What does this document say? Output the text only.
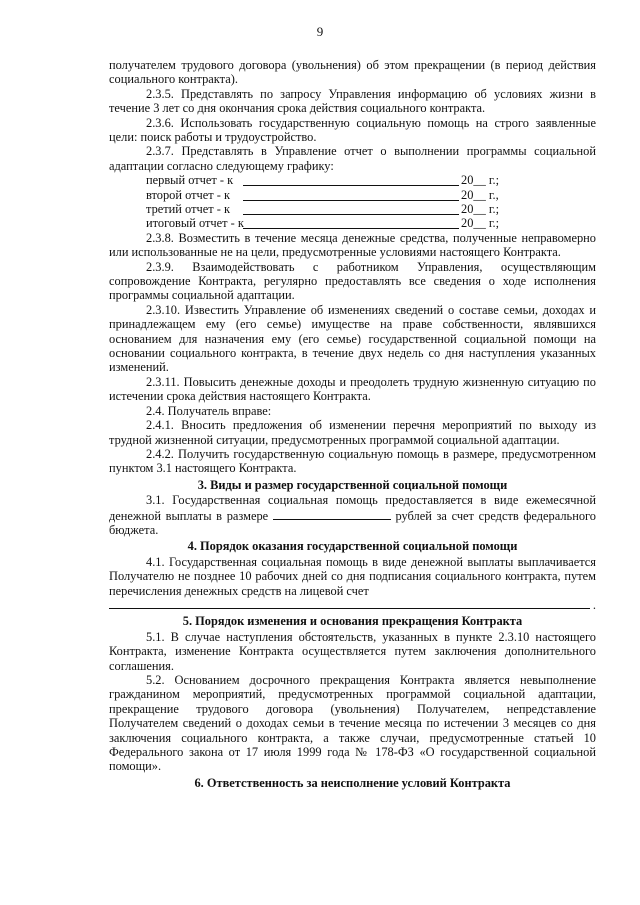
9

получателем трудового договора (увольнения) об этом прекращении (в период действия социального контракта).

2.3.5. Представлять по запросу Управления информацию об условиях жизни в течение 3 лет со дня окончания срока действия социального контракта.

2.3.6. Использовать государственную социальную помощь на строго заявленные цели: поиск работы и трудоустройство.

2.3.7. Представлять в Управление отчет о выполнении программы социальной адаптации согласно следующему графику:

первый отчет - к	20__ г.;
второй отчет - к	20__ г.,
третий отчет - к	20__ г.;
итоговый отчет - к	20__ г.;

2.3.8. Возместить в течение месяца денежные средства, полученные неправомерно или использованные не на цели, предусмотренные условиями настоящего Контракта.

2.3.9. Взаимодействовать с работником Управления, осуществляющим сопровождение Контракта, регулярно предоставлять все сведения о ходе исполнения программы социальной адаптации.

2.3.10. Известить Управление об изменениях сведений о составе семьи, доходах и принадлежащем ему (его семье) имуществе на праве собственности, являвшихся основанием для назначения ему (его семье) государственной социальной помощи на основании социального контракта, в течение двух недель со дня наступления указанных изменений.

2.3.11. Повысить денежные доходы и преодолеть трудную жизненную ситуацию по истечении срока действия настоящего Контракта.

2.4. Получатель вправе:

2.4.1. Вносить предложения об изменении перечня мероприятий по выходу из трудной жизненной ситуации, предусмотренных программой социальной адаптации.

2.4.2. Получить государственную социальную помощь в размере, предусмотренном пунктом 3.1 настоящего Контракта.

3. Виды и размер государственной социальной помощи

3.1. Государственная социальная помощь предоставляется в виде ежемесячной денежной выплаты в размере	рублей за счет средств федерального бюджета.

4. Порядок оказания государственной социальной помощи

4.1. Государственная социальная помощь в виде денежной выплаты выплачивается Получателю не позднее 10 рабочих дней со дня подписания социального контракта, путем перечисления денежных средств на лицевой счет

.
5. Порядок изменения и основания прекращения Контракта

5.1. В случае наступления обстоятельств, указанных в пункте 2.3.10 настоящего Контракта, изменение Контракта осуществляется путем заключения дополнительного соглашения.

5.2. Основанием досрочного прекращения Контракта является невыполнение гражданином мероприятий, предусмотренных программой социальной адаптации, прекращение трудового договора (увольнения) Получателем, непредставление Получателем сведений о доходах семьи в течение месяца по истечении 3 месяцев со дня заключения социального контракта, а также случаи, предусмотренные статьей 10 Федерального закона от 17 июля 1999 года № 178-ФЗ «О государственной социальной помощи».

6. Ответственность за неисполнение условий Контракта
